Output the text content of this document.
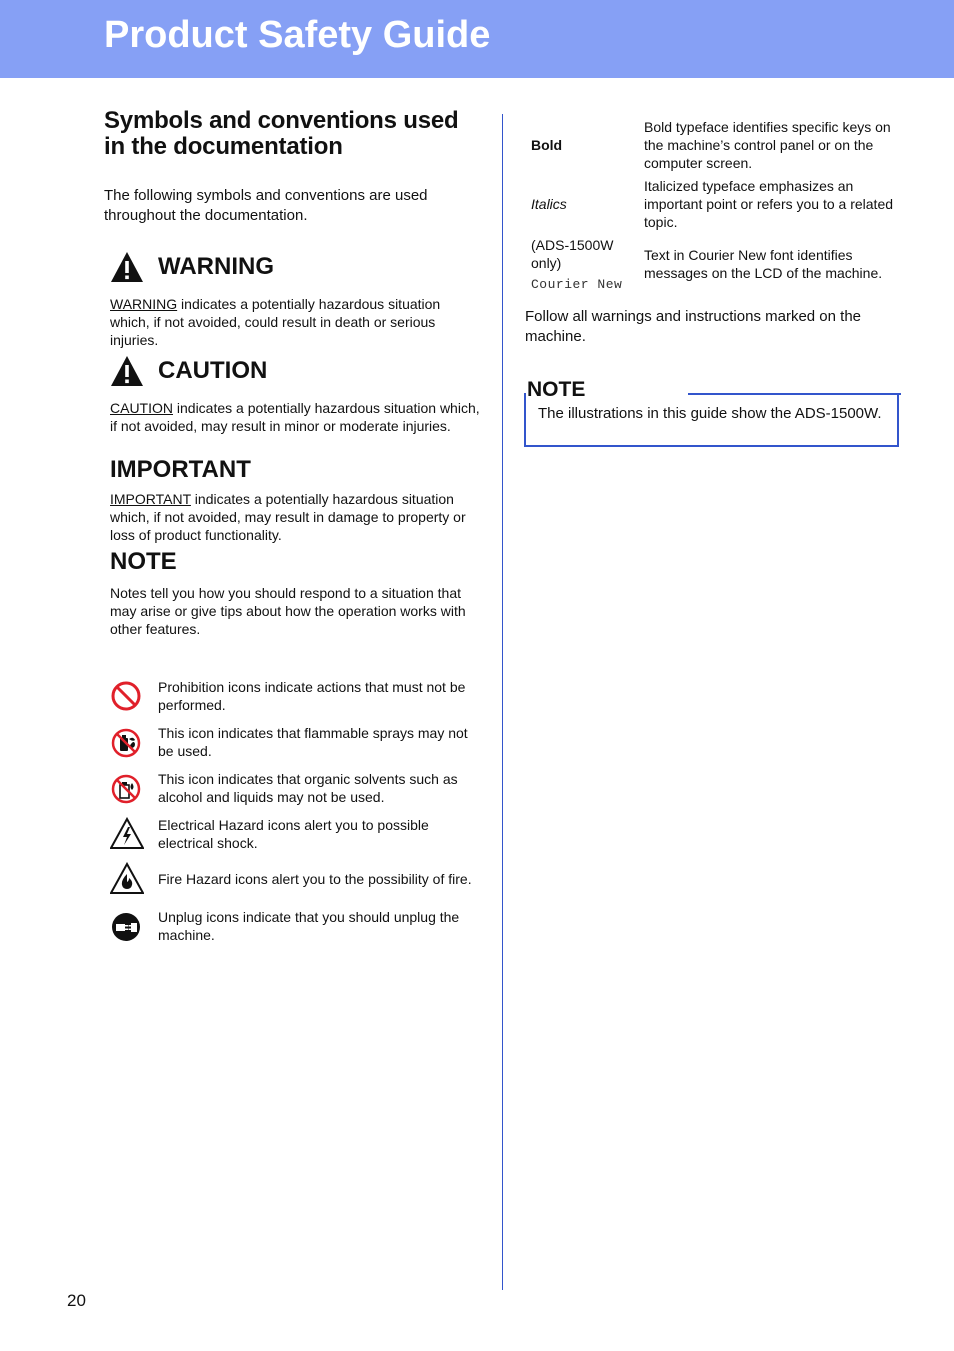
Product Safety Guide
Symbols and conventions used in the documentation

The following symbols and conventions are used throughout the documentation.

WARNING

WARNING indicates a potentially hazardous situation which, if not avoided, could result in death or serious injuries.

CAUTION

CAUTION indicates a potentially hazardous situation which, if not avoided, may result in minor or moderate injuries.

IMPORTANT

IMPORTANT indicates a potentially hazardous situation which, if not avoided, may result in damage to property or loss of product functionality.

NOTE

Notes tell you how you should respond to a situation that may arise or give tips about how the operation works with other features.

Prohibition icons indicate actions that must not be performed.
This icon indicates that flammable sprays may not be used.
This icon indicates that organic solvents such as alcohol and liquids may not be used.
Electrical Hazard icons alert you to possible electrical shock.
Fire Hazard icons alert you to the possibility of fire.
Unplug icons indicate that you should unplug the machine.
Bold
Bold typeface identifies specific keys on the machine’s control panel or on the computer screen.
Italics
Italicized typeface emphasizes an important point or refers you to a related topic.
(ADS-1500W only)
Courier New
Text in Courier New font identifies messages on the LCD of the machine.

Follow all warnings and instructions marked on the machine.

NOTE

The illustrations in this guide show the ADS-1500W.

20
